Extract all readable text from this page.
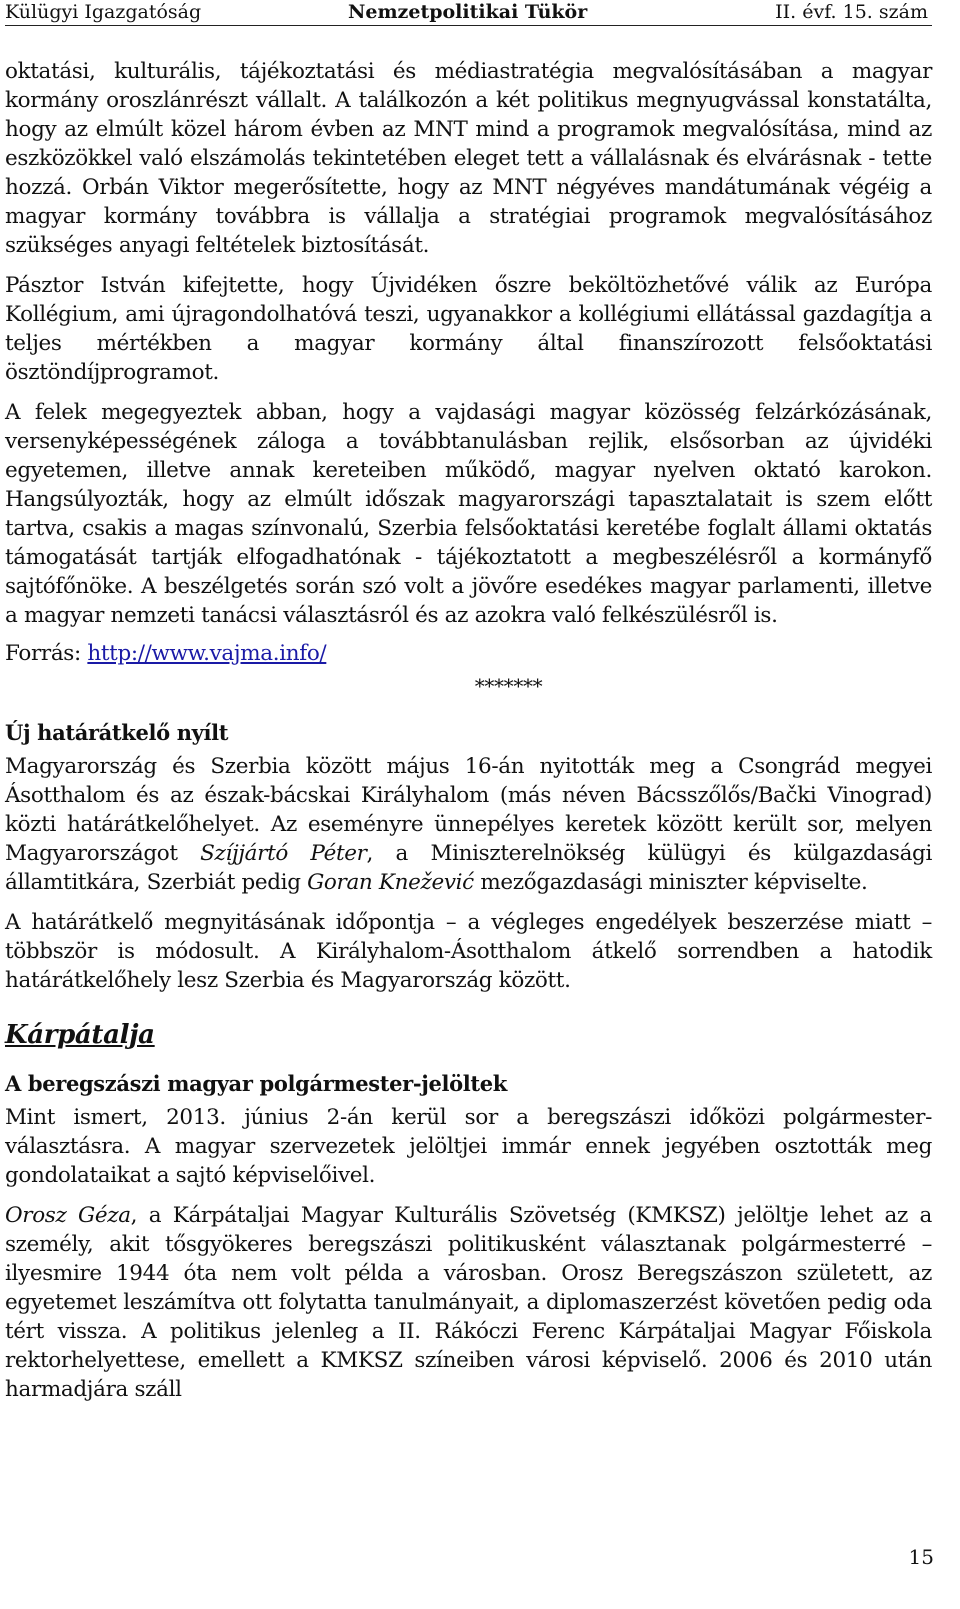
Külügyi Igazgatóság	Nemzetpolitikai Tükör	II. évf. 15. szám

oktatási, kulturális, tájékoztatási és médiastratégia megvalósításában a magyar kormány oroszlánrészt vállalt. A találkozón a két politikus megnyugvással konstatálta, hogy az elmúlt közel három évben az MNT mind a programok megvalósítása, mind az eszközökkel való elszámolás tekintetében eleget tett a vállalásnak és elvárásnak - tette hozzá. Orbán Viktor megerősítette, hogy az MNT négyéves mandátumának végéig a magyar kormány továbbra is vállalja a stratégiai programok megvalósításához szükséges anyagi feltételek biztosítását.

Pásztor István kifejtette, hogy Újvidéken őszre beköltözhetővé válik az Európa Kollégium, ami újragondolhatóvá teszi, ugyanakkor a kollégiumi ellátással gazdagítja a teljes mértékben a magyar kormány által finanszírozott felsőoktatási ösztöndíjprogramot.

A felek megegyeztek abban, hogy a vajdasági magyar közösség felzárkózásának, versenyképességének záloga a továbbtanulásban rejlik, elsősorban az újvidéki egyetemen, illetve annak kereteiben működő, magyar nyelven oktató karokon. Hangsúlyozták, hogy az elmúlt időszak magyarországi tapasztalatait is szem előtt tartva, csakis a magas színvonalú, Szerbia felsőoktatási keretébe foglalt állami oktatás támogatását tartják elfogadhatónak - tájékoztatott a megbeszélésről a kormányfő sajtófőnöke. A beszélgetés során szó volt a jövőre esedékes magyar parlamenti, illetve a magyar nemzeti tanácsi választásról és az azokra való felkészülésről is.

Forrás: http://www.vajma.info/

*******
Új határátkelő nyílt

Magyarország és Szerbia között május 16-án nyitották meg a Csongrád megyei Ásotthalom és az észak-bácskai Királyhalom (más néven Bácsszőlős/Bački Vinograd) közti határátkelőhelyet. Az eseményre ünnepélyes keretek között került sor, melyen Magyarországot Szíjjártó Péter, a Miniszterelnökség külügyi és külgazdasági államtitkára, Szerbiát pedig Goran Knežević mezőgazdasági miniszter képviselte.

A határátkelő megnyitásának időpontja – a végleges engedélyek beszerzése miatt – többször is módosult. A Királyhalom-Ásotthalom átkelő sorrendben a hatodik határátkelőhely lesz Szerbia és Magyarország között.

Kárpátalja
A beregszászi magyar polgármester-jelöltek

Mint ismert, 2013. június 2-án kerül sor a beregszászi időközi polgármester-választásra. A magyar szervezetek jelöltjei immár ennek jegyében osztották meg gondolataikat a sajtó képviselőivel.

Orosz Géza, a Kárpátaljai Magyar Kulturális Szövetség (KMKSZ) jelöltje lehet az a személy, akit tősgyökeres beregszászi politikusként választanak polgármesterré – ilyesmire 1944 óta nem volt példa a városban. Orosz Beregszászon született, az egyetemet leszámítva ott folytatta tanulmányait, a diplomaszerzést követően pedig oda tért vissza. A politikus jelenleg a II. Rákóczi Ferenc Kárpátaljai Magyar Főiskola rektorhelyettese, emellett a KMKSZ színeiben városi képviselő. 2006 és 2010 után harmadjára száll

15
